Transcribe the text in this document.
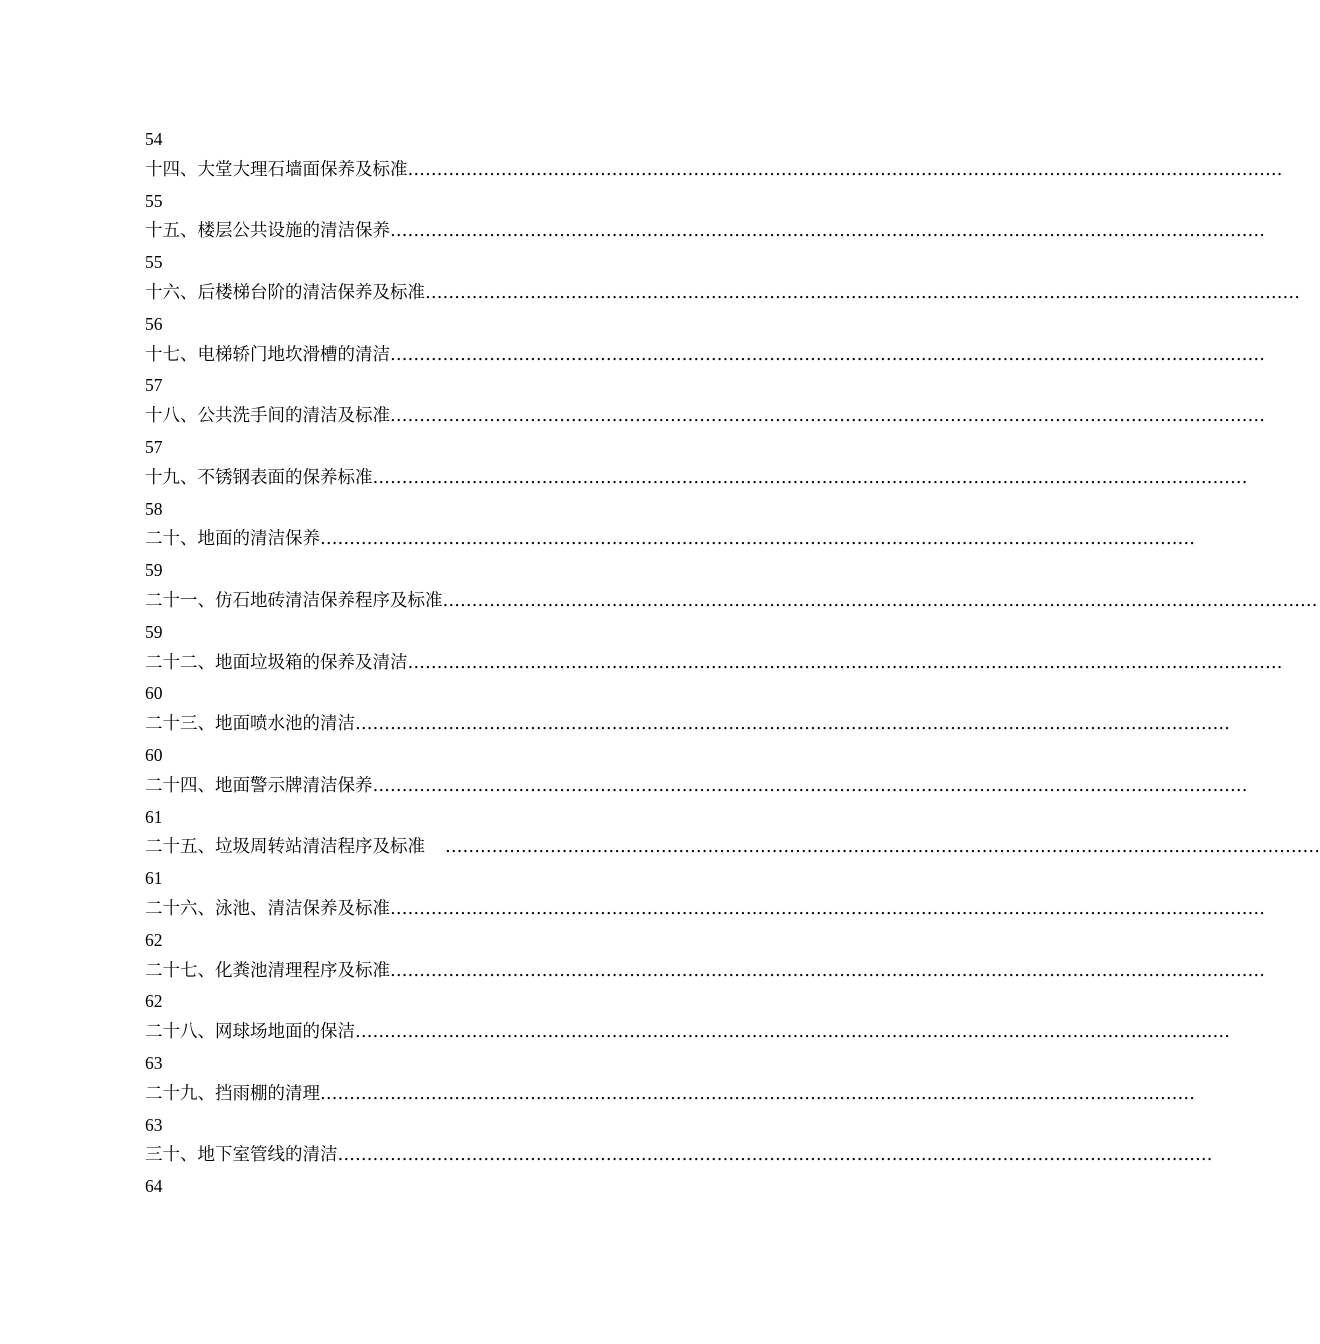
54
十四、大堂大理石墙面保养及标准 ……………………………………………………………………………………………………………………………………
55
十五、楼层公共设施的清洁保养 ……………………………………………………………………………………………………………………………………
55
十六、后楼梯台阶的清洁保养及标准 ……………………………………………………………………………………………………………………………………
56
十七、电梯轿门地坎滑槽的清洁 ……………………………………………………………………………………………………………………………………
57
十八、公共洗手间的清洁及标准 ……………………………………………………………………………………………………………………………………
57
十九、不锈钢表面的保养标准 ……………………………………………………………………………………………………………………………………
58
二十、地面的清洁保养 ……………………………………………………………………………………………………………………………………
59
二十一、仿石地砖清洁保养程序及标准 ……………………………………………………………………………………………………………………………………
59
二十二、地面垃圾箱的保养及清洁 ……………………………………………………………………………………………………………………………………
60
二十三、地面喷水池的清洁 ……………………………………………………………………………………………………………………………………
60
二十四、地面警示牌清洁保养 ……………………………………………………………………………………………………………………………………
61
二十五、垃圾周转站清洁程序及标准 ……………………………………………………………………………………………………………………………………
61
二十六、泳池、清洁保养及标准 ……………………………………………………………………………………………………………………………………
62
二十七、化粪池清理程序及标准 ……………………………………………………………………………………………………………………………………
62
二十八、网球场地面的保洁 ……………………………………………………………………………………………………………………………………
63
二十九、挡雨棚的清理 ……………………………………………………………………………………………………………………………………
63
三十、地下室管线的清洁 ……………………………………………………………………………………………………………………………………
64
